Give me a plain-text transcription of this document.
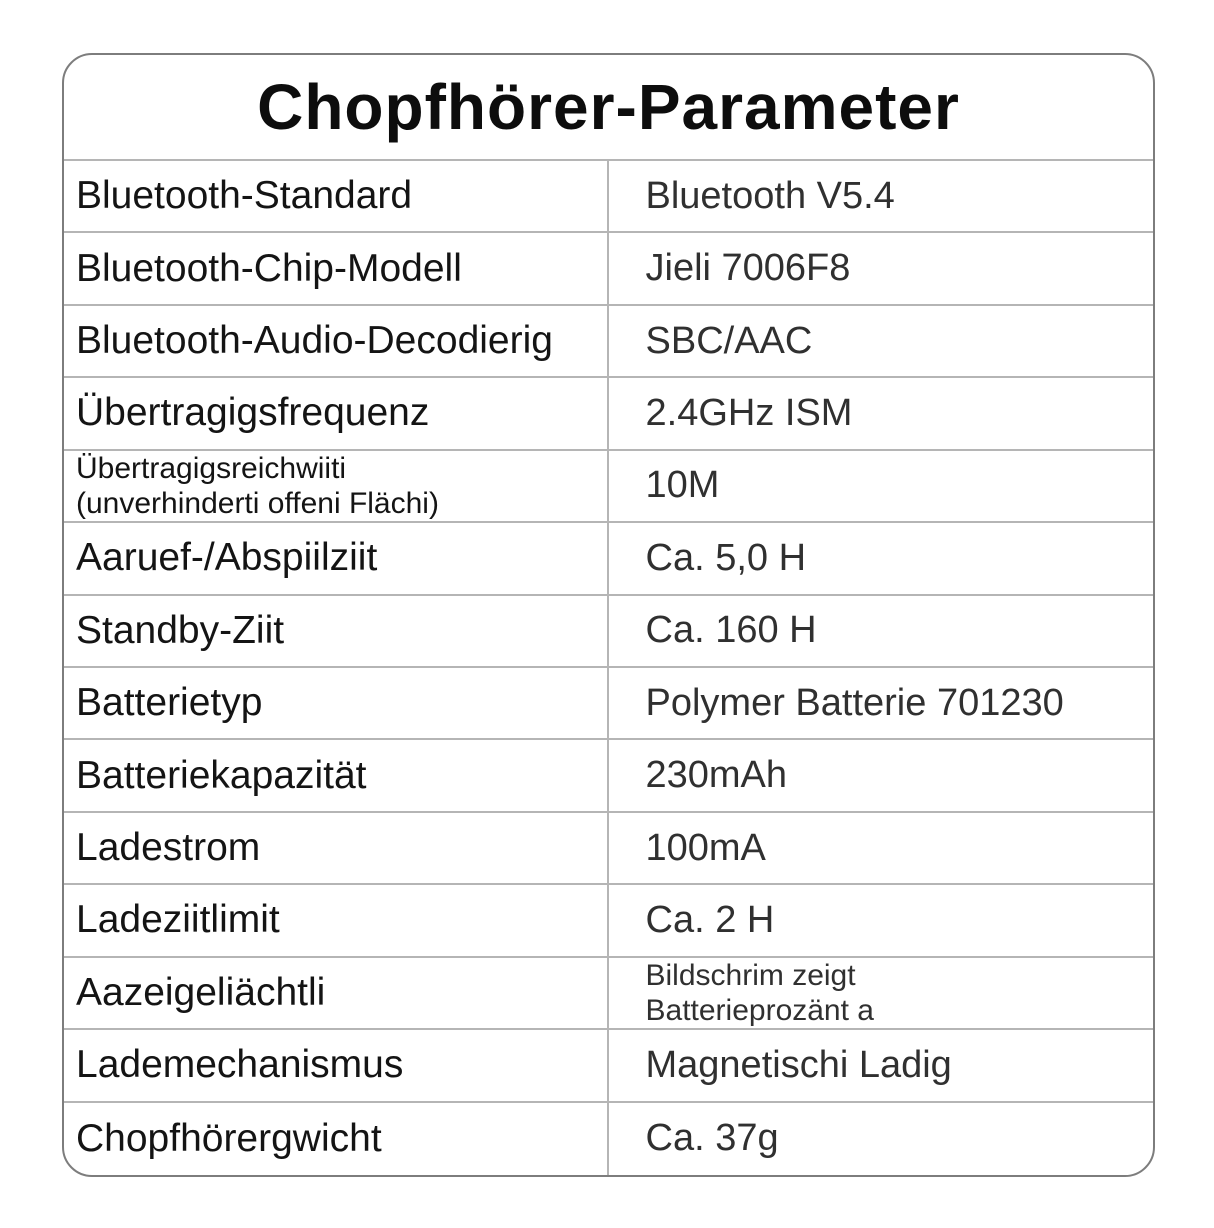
Chopfhörer-Parameter
Bluetooth-Standard	Bluetooth V5.4
Bluetooth-Chip-Modell	Jieli 7006F8
Bluetooth-Audio-Decodierig	SBC/AAC
Übertragigsfrequenz	2.4GHz ISM
Übertragigsreichwiiti
(unverhinderti offeni Flächi)	10M
Aaruef-/Abspiilziit	Ca. 5,0 H
Standby-Ziit	Ca. 160 H
Batterietyp	Polymer Batterie 701230
Batteriekapazität	230mAh
Ladestrom	100mA
Ladeziitlimit	Ca. 2 H
Aazeigeliächtli	Bildschrim zeigt
Batterieprozänt a
Lademechanismus	Magnetischi Ladig
Chopfhörergwicht	Ca. 37g
